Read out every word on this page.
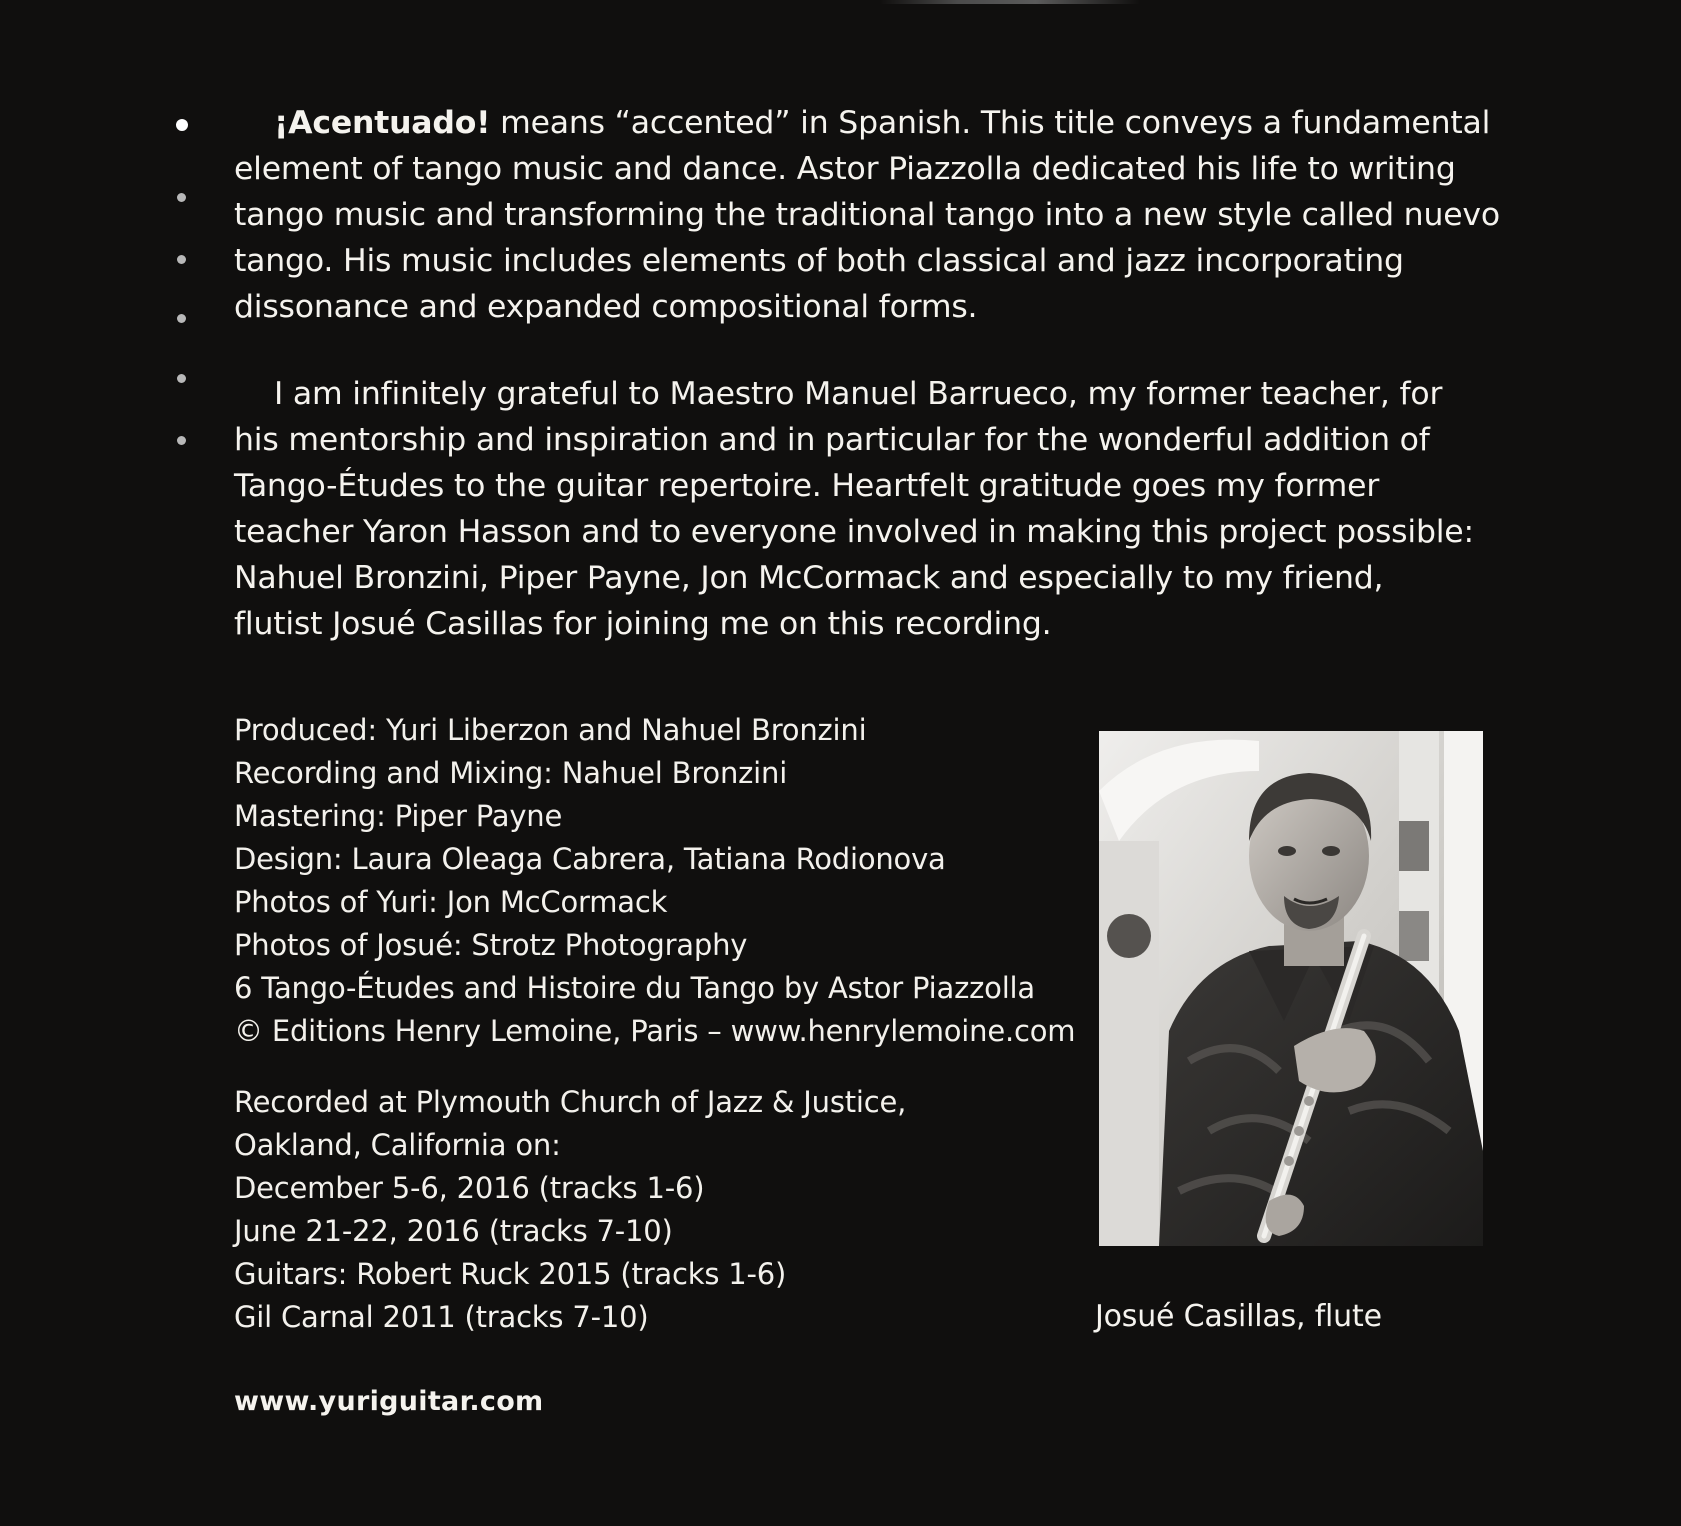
¡Acentuado! means “accented” in Spanish. This title conveys a fundamental
element of tango music and dance. Astor Piazzolla dedicated his life to writing
tango music and transforming the traditional tango into a new style called nuevo
tango. His music includes elements of both classical and jazz incorporating
dissonance and expanded compositional forms.
I am infinitely grateful to Maestro Manuel Barrueco, my former teacher, for
his mentorship and inspiration and in particular for the wonderful addition of
Tango-Études to the guitar repertoire. Heartfelt gratitude goes my former
teacher Yaron Hasson and to everyone involved in making this project possible:
Nahuel Bronzini, Piper Payne, Jon McCormack and especially to my friend,
flutist Josué Casillas for joining me on this recording.
Produced: Yuri Liberzon and Nahuel Bronzini
Recording and Mixing: Nahuel Bronzini
Mastering: Piper Payne
Design: Laura Oleaga Cabrera, Tatiana Rodionova
Photos of Yuri: Jon McCormack
Photos of Josué: Strotz Photography
6 Tango-Études and Histoire du Tango by Astor Piazzolla
© Editions Henry Lemoine, Paris – www.henrylemoine.com
Recorded at Plymouth Church of Jazz & Justice,
Oakland, California on:
December 5-6, 2016 (tracks 1-6)
June 21-22, 2016 (tracks 7-10)
Guitars: Robert Ruck 2015 (tracks 1-6)
Gil Carnal 2011 (tracks 7-10)
www.yuriguitar.com
Josué Casillas, flute
